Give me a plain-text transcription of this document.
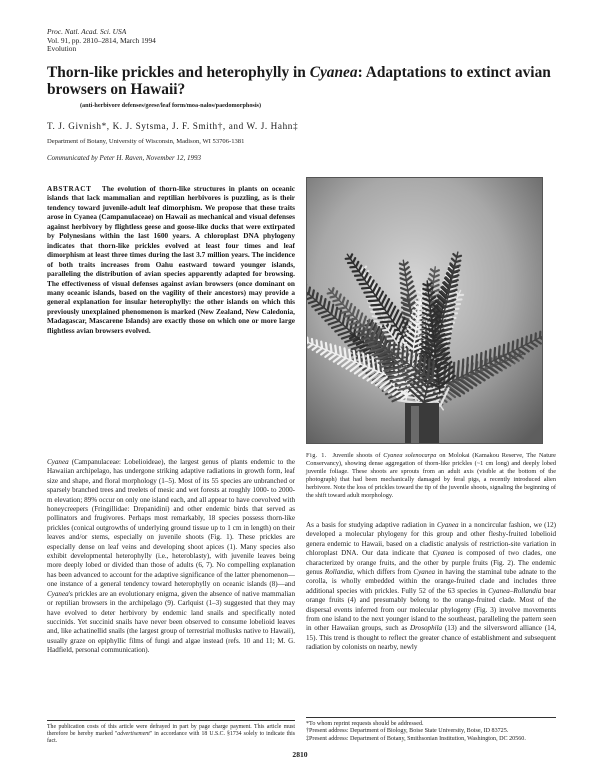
Proc. Natl. Acad. Sci. USA
Vol. 91, pp. 2810–2814, March 1994
Evolution
Thorn-like prickles and heterophylly in Cyanea: Adaptations to extinct avian browsers on Hawaii?
(anti-herbivore defenses/geese/leaf form/moa-nalos/paedomorphosis)
T. J. Givnish*, K. J. Sytsma, J. F. Smith†, and W. J. Hahn‡
Department of Botany, University of Wisconsin, Madison, WI 53706-1381
Communicated by Peter H. Raven, November 12, 1993
ABSTRACT The evolution of thorn-like structures in plants on oceanic islands that lack mammalian and reptilian herbivores is puzzling, as is their tendency toward juvenile-adult leaf dimorphism. We propose that these traits arose in Cyanea (Campanulaceae) on Hawaii as mechanical and visual defenses against herbivory by flightless geese and goose-like ducks that were extirpated by Polynesians within the last 1600 years. A chloroplast DNA phylogeny indicates that thorn-like prickles evolved at least four times and leaf dimorphism at least three times during the last 3.7 million years. The incidence of both traits increases from Oahu eastward toward younger islands, paralleling the distribution of avian species apparently adapted for browsing. The effectiveness of visual defenses against avian browsers (once dominant on many oceanic islands, based on the vagility of their ancestors) may provide a general explanation for insular heterophylly: the other islands on which this previously unexplained phenomenon is marked (New Zealand, New Caledonia, Madagascar, Mascarene Islands) are exactly those on which one or more large flightless avian browsers evolved.
Cyanea (Campanulaceae: Lobelioideae), the largest genus of plants endemic to the Hawaiian archipelago, has undergone striking adaptive radiations in growth form, leaf size and shape, and floral morphology (1–5). Most of its 55 species are unbranched or sparsely branched trees and treelets of mesic and wet forests at roughly 1000- to 2000-m elevation; 89% occur on only one island each, and all appear to have coevolved with honeycreepers (Fringillidae: Drepanidini) and other endemic birds that served as pollinators and frugivores. Perhaps most remarkably, 18 species possess thorn-like prickles (conical outgrowths of underlying ground tissue up to 1 cm in length) on their leaves and/or stems, especially on juvenile shoots (Fig. 1). These prickles are especially dense on leaf veins and developing shoot apices (1). Many species also exhibit developmental heterophylly (i.e., heteroblasty), with juvenile leaves being more deeply lobed or divided than those of adults (6, 7). No compelling explanation has been advanced to account for the adaptive significance of the latter phenomenon—one instance of a general tendency toward heterophylly on oceanic islands (8)—and Cyanea's prickles are an evolutionary enigma, given the absence of native mammalian or reptilian browsers in the archipelago (9). Carlquist (1–3) suggested that they may have evolved to deter herbivory by endemic land snails and specifically noted succinids. Yet succinid snails have never been observed to consume lobelioid leaves and, like achatinellid snails (the largest group of terrestrial mollusks native to Hawaii), usually graze on epiphyllic films of fungi and algae instead (refs. 10 and 11; M. G. Hadfield, personal communication).
The publication costs of this article were defrayed in part by page charge payment. This article must therefore be hereby marked "advertisement" in accordance with 18 U.S.C. §1734 solely to indicate this fact.
Fig. 1. Juvenile shoots of Cyanea solenocarpa on Molokai (Kamakou Reserve, The Nature Conservancy), showing dense aggregation of thorn-like prickles (~1 cm long) and deeply lobed juvenile foliage. These shoots are sprouts from an adult axis (visible at the bottom of the photograph) that had been mechanically damaged by feral pigs, a recently introduced alien herbivore. Note the loss of prickles toward the tip of the juvenile shoots, signaling the beginning of the shift toward adult morphology.
As a basis for studying adaptive radiation in Cyanea in a noncircular fashion, we (12) developed a molecular phylogeny for this group and other fleshy-fruited lobelioid genera endemic to Hawaii, based on a cladistic analysis of restriction-site variation in chloroplast DNA. Our data indicate that Cyanea is composed of two clades, one characterized by orange fruits, and the other by purple fruits (Fig. 2). The endemic genus Rollandia, which differs from Cyanea in having the staminal tube adnate to the corolla, is wholly embedded within the orange-fruited clade and includes three additional species with prickles. Fully 52 of the 63 species in Cyanea–Rollandia bear orange fruits (4) and presumably belong to the orange-fruited clade. Most of the dispersal events inferred from our molecular phylogeny (Fig. 3) involve movements from one island to the next younger island to the southeast, paralleling the pattern seen in other Hawaiian groups, such as Drosophila (13) and the silversword alliance (14, 15). This trend is thought to reflect the greater chance of establishment and subsequent radiation by colonists on nearby, newly
*To whom reprint requests should be addressed.
†Present address: Department of Biology, Boise State University, Boise, ID 83725.
‡Present address: Department of Botany, Smithsonian Institution, Washington, DC 20560.
2810
